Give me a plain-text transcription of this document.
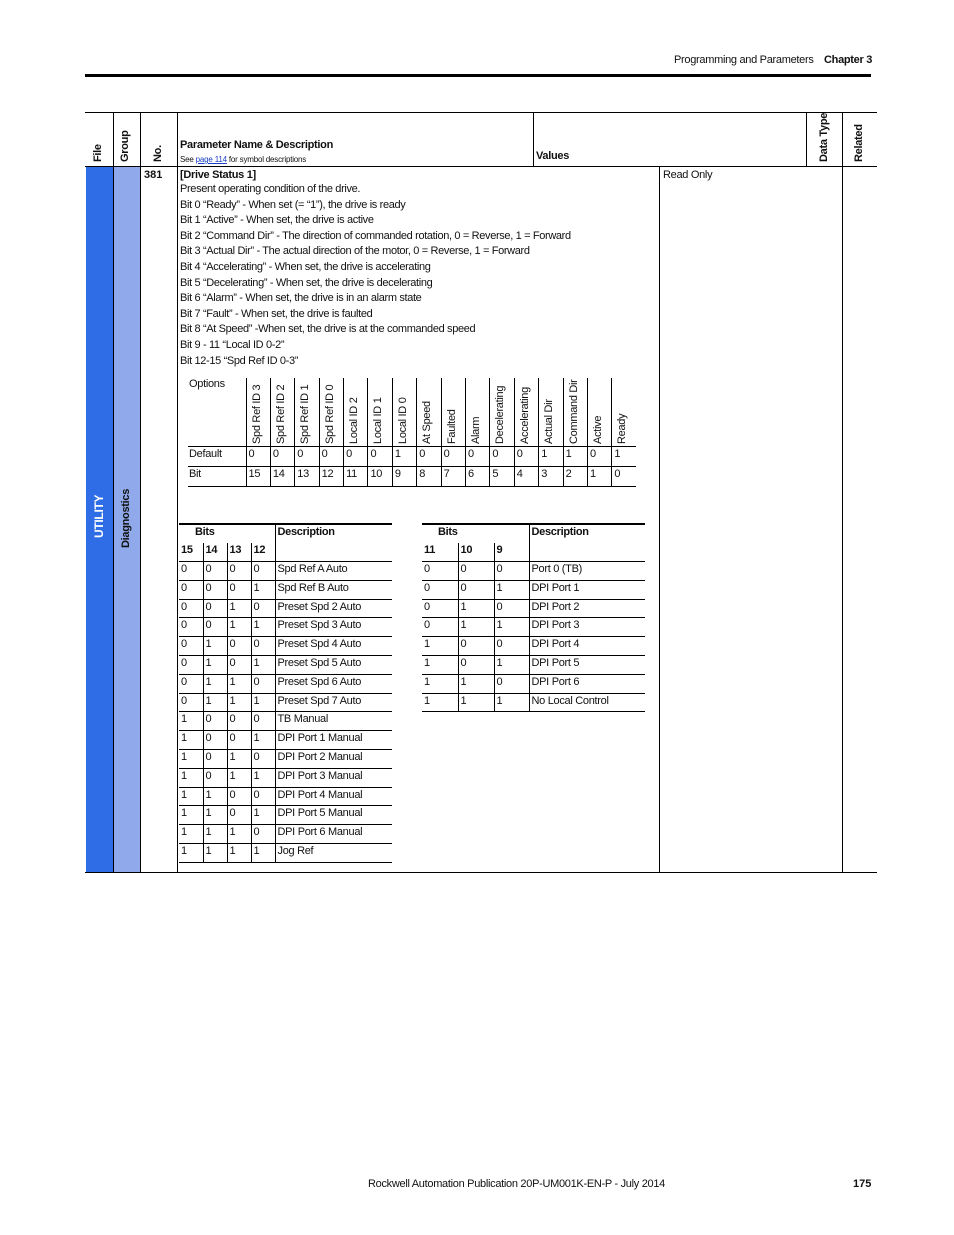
Programming and Parameters Chapter 3
File Group No.
Parameter Name & Description
See page 114 for symbol descriptions	Values	Data Type Related
UTILITY Diagnostics
381 [Drive Status 1]
Present operating condition of the drive.
Bit 0 “Ready” - When set (= “1”), the drive is ready
Bit 1 “Active” - When set, the drive is active
Bit 2 “Command Dir” - The direction of commanded rotation, 0 = Reverse, 1 = Forward
Bit 3 “Actual Dir” - The actual direction of the motor, 0 = Reverse, 1 = Forward
Bit 4 “Accelerating” - When set, the drive is accelerating
Bit 5 “Decelerating” - When set, the drive is decelerating
Bit 6 “Alarm” - When set, the drive is in an alarm state
Bit 7 “Fault” - When set, the drive is faulted
Bit 8 “At Speed” -When set, the drive is at the commanded speed
Bit 9 - 11 “Local ID 0-2”
Bit 12-15 “Spd Ref ID 0-3”
Read Only
Options	Spd Ref ID 3	Spd Ref ID 2	Spd Ref ID 1	Spd Ref ID 0	Local ID 2	Local ID 1	Local ID 0	At Speed	Faulted	Alarm	Decelerating	Accelerating	Actual Dir	Command Dir	Active	Ready

Default	0	0	0	0	0	0	1	0	0	0	0	0	1	1	0	1
Bit	15	14	13	12	11	10	9	8	7	6	5	4	3	2	1	0
Bits				Description
15	14	13	12	
0	0	0	0	Spd Ref A Auto
0	0	0	1	Spd Ref B Auto
0	0	1	0	Preset Spd 2 Auto
0	0	1	1	Preset Spd 3 Auto
0	1	0	0	Preset Spd 4 Auto
0	1	0	1	Preset Spd 5 Auto
0	1	1	0	Preset Spd 6 Auto
0	1	1	1	Preset Spd 7 Auto
1	0	0	0	TB Manual
1	0	0	1	DPI Port 1 Manual
1	0	1	0	DPI Port 2 Manual
1	0	1	1	DPI Port 3 Manual
1	1	0	0	DPI Port 4 Manual
1	1	0	1	DPI Port 5 Manual
1	1	1	0	DPI Port 6 Manual
1	1	1	1	Jog Ref
Bits			Description
11	10	9	
0	0	0	Port 0 (TB)
0	0	1	DPI Port 1
0	1	0	DPI Port 2
0	1	1	DPI Port 3
1	0	0	DPI Port 4
1	0	1	DPI Port 5
1	1	0	DPI Port 6
1	1	1	No Local Control
Rockwell Automation Publication 20P-UM001K-EN-P - July 2014	175
